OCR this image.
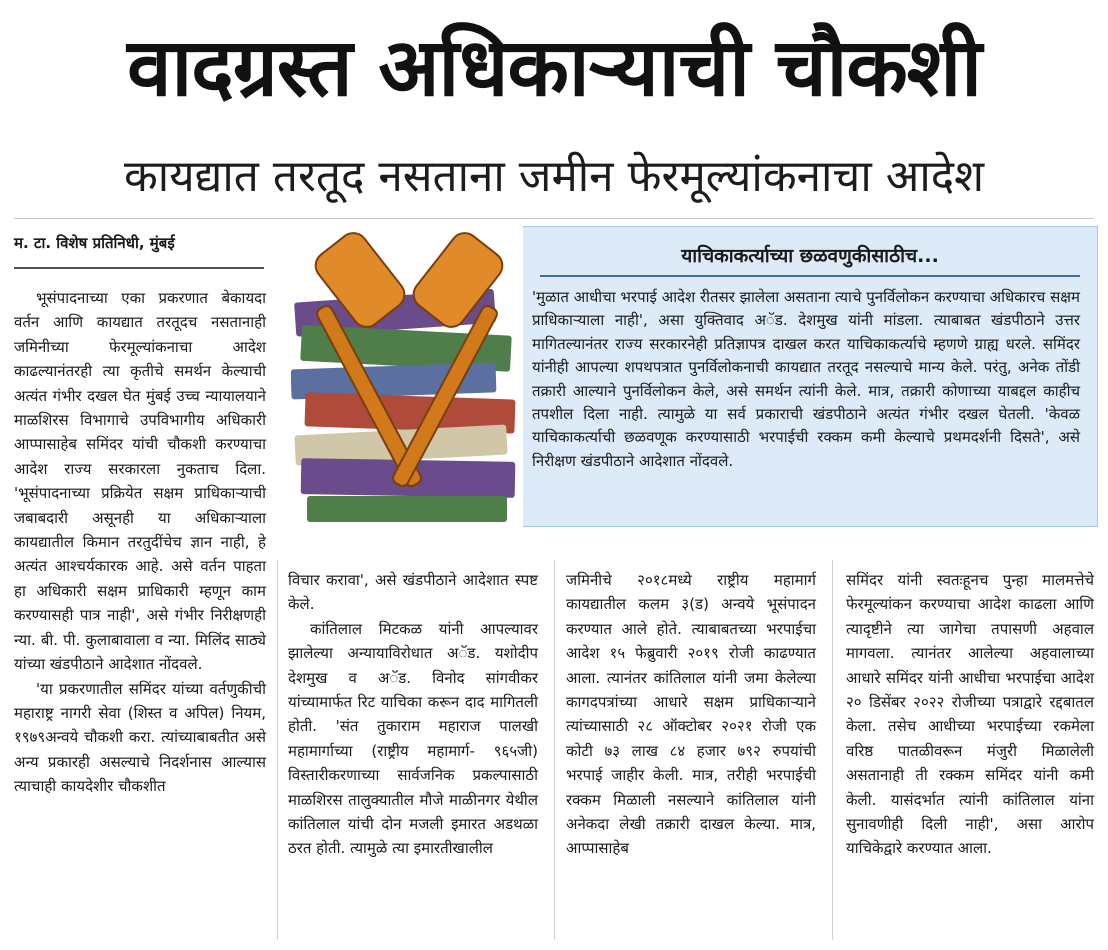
वादग्रस्त अधिकाऱ्याची चौकशी
कायद्यात तरतूद नसताना जमीन फेरमूल्यांकनाचा आदेश
म. टा. विशेष प्रतिनिधी, मुंबई
याचिकाकर्त्याच्या छळवणुकीसाठीच...

'मुळात आधीचा भरपाई आदेश रीतसर झालेला असताना त्याचे पुनर्विलोकन करण्याचा अधिकारच सक्षम प्राधिकाऱ्याला नाही', असा युक्तिवाद अॅड. देशमुख यांनी मांडला. त्याबाबत खंडपीठाने उत्तर मागितल्यानंतर राज्य सरकारनेही प्रतिज्ञापत्र दाखल करत याचिकाकर्त्याचे म्हणणे ग्राह्य धरले. समिंदर यांनीही आपल्या शपथपत्रात पुनर्विलोकनाची कायद्यात तरतूद नसल्याचे मान्य केले. परंतु, अनेक तोंडी तक्रारी आल्याने पुनर्विलोकन केले, असे समर्थन त्यांनी केले. मात्र, तक्रारी कोणाच्या याबद्दल काहीच तपशील दिला नाही. त्यामुळे या सर्व प्रकाराची खंडपीठाने अत्यंत गंभीर दखल घेतली. 'केवळ याचिकाकर्त्याची छळवणूक करण्यासाठी भरपाईची रक्कम कमी केल्याचे प्रथमदर्शनी दिसते', असे निरीक्षण खंडपीठाने आदेशात नोंदवले.

भूसंपादनाच्या एका प्रकरणात बेकायदा वर्तन आणि कायद्यात तरतूदच नसतानाही जमिनीच्या फेरमूल्यांकनाचा आदेश काढल्यानंतरही त्या कृतीचे समर्थन केल्याची अत्यंत गंभीर दखल घेत मुंबई उच्च न्यायालयाने माळशिरस विभागाचे उपविभागीय अधिकारी आप्पासाहेब समिंदर यांची चौकशी करण्याचा आदेश राज्य सरकारला नुकताच दिला. 'भूसंपादनाच्या प्रक्रियेत सक्षम प्राधिकाऱ्याची जबाबदारी असूनही या अधिकाऱ्याला कायद्यातील किमान तरतुदींचेच ज्ञान नाही, हे अत्यंत आश्चर्यकारक आहे. असे वर्तन पाहता हा अधिकारी सक्षम प्राधिकारी म्हणून काम करण्यासही पात्र नाही', असे गंभीर निरीक्षणही न्या. बी. पी. कुलाबावाला व न्या. मिलिंद साठ्ये यांच्या खंडपीठाने आदेशात नोंदवले.

'या प्रकरणातील समिंदर यांच्या वर्तणुकीची महाराष्ट्र नागरी सेवा (शिस्त व अपिल) नियम, १९७९अन्वये चौकशी करा. त्यांच्याबाबतीत असे अन्य प्रकारही असल्याचे निदर्शनास आल्यास त्याचाही कायदेशीर चौकशीत

विचार करावा', असे खंडपीठाने आदेशात स्पष्ट केले.

कांतिलाल मिटकळ यांनी आपल्यावर झालेल्या अन्यायाविरोधात अॅड. यशोदीप देशमुख व अॅड. विनोद सांगवीकर यांच्यामार्फत रिट याचिका करून दाद मागितली होती. 'संत तुकाराम महाराज पालखी महामार्गाच्या (राष्ट्रीय महामार्ग- ९६५जी) विस्तारीकरणाच्या सार्वजनिक प्रकल्पासाठी माळशिरस तालुक्यातील मौजे माळीनगर येथील कांतिलाल यांची दोन मजली इमारत अडथळा ठरत होती. त्यामुळे त्या इमारतीखालील

जमिनीचे २०१८मध्ये राष्ट्रीय महामार्ग कायद्यातील कलम ३(ड) अन्वये भूसंपादन करण्यात आले होते. त्याबाबतच्या भरपाईचा आदेश १५ फेब्रुवारी २०१९ रोजी काढण्यात आला. त्यानंतर कांतिलाल यांनी जमा केलेल्या कागदपत्रांच्या आधारे सक्षम प्राधिकाऱ्याने त्यांच्यासाठी २८ ऑक्टोबर २०२१ रोजी एक कोटी ७३ लाख ८४ हजार ७९२ रुपयांची भरपाई जाहीर केली. मात्र, तरीही भरपाईची रक्कम मिळाली नसल्याने कांतिलाल यांनी अनेकदा लेखी तक्रारी दाखल केल्या. मात्र, आप्पासाहेब

समिंदर यांनी स्वतःहूनच पुन्हा मालमत्तेचे फेरमूल्यांकन करण्याचा आदेश काढला आणि त्यादृष्टीने त्या जागेचा तपासणी अहवाल मागवला. त्यानंतर आलेल्या अहवालाच्या आधारे समिंदर यांनी आधीचा भरपाईचा आदेश २० डिसेंबर २०२२ रोजीच्या पत्राद्वारे रद्दबातल केला. तसेच आधीच्या भरपाईच्या रकमेला वरिष्ठ पातळीवरून मंजुरी मिळालेली असतानाही ती रक्कम समिंदर यांनी कमी केली. यासंदर्भात त्यांनी कांतिलाल यांना सुनावणीही दिली नाही', असा आरोप याचिकेद्वारे करण्यात आला.
